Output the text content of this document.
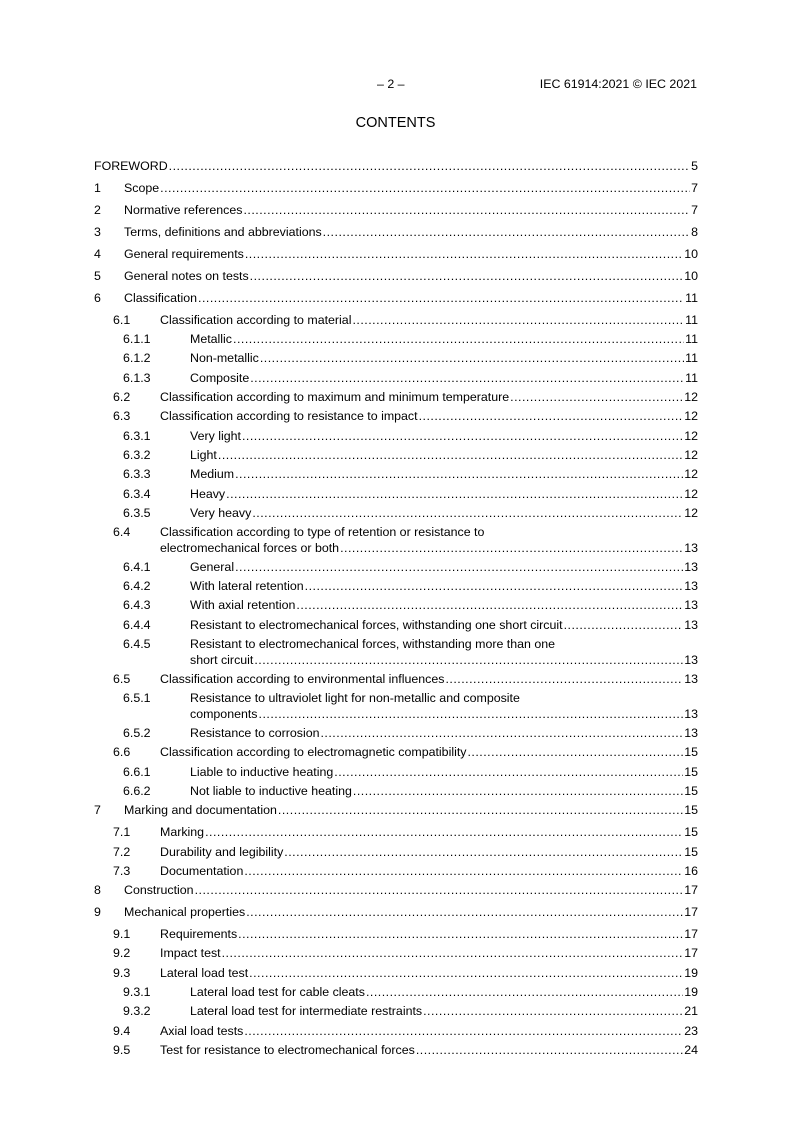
– 2 –	IEC 61914:2021 © IEC 2021
CONTENTS
FOREWORD .....	5
1 Scope .....	7
2 Normative references .....	7
3 Terms, definitions and abbreviations .....	8
4 General requirements .....	10
5 General notes on tests .....	10
6 Classification .....	11
6.1 Classification according to material .....	11
6.1.1	Metallic .....	11
6.1.2	Non-metallic .....	11
6.1.3	Composite .....	11
6.2 Classification according to maximum and minimum temperature .....	12
6.3 Classification according to resistance to impact .....	12
6.3.1	Very light .....	12
6.3.2	Light .....	12
6.3.3	Medium .....	12
6.3.4	Heavy .....	12
6.3.5	Very heavy .....	12
6.4 Classification according to type of retention or resistance to
electromechanical forces or both .....	13
6.4.1	General .....	13
6.4.2	With lateral retention .....	13
6.4.3	With axial retention .....	13
6.4.4	Resistant to electromechanical forces, withstanding one short circuit .....	13
6.4.5	Resistant to electromechanical forces, withstanding more than one
short circuit .....	13
6.5 Classification according to environmental influences .....	13
6.5.1	Resistance to ultraviolet light for non-metallic and composite
components .....	13
6.5.2	Resistance to corrosion .....	13
6.6 Classification according to electromagnetic compatibility .....	15
6.6.1	Liable to inductive heating .....	15
6.6.2	Not liable to inductive heating .....	15
7 Marking and documentation .....	15
7.1 Marking .....	15
7.2 Durability and legibility .....	15
7.3 Documentation .....	16
8 Construction .....	17
9 Mechanical properties .....	17
9.1 Requirements .....	17
9.2 Impact test .....	17
9.3 Lateral load test .....	19
9.3.1	Lateral load test for cable cleats .....	19
9.3.2	Lateral load test for intermediate restraints .....	21
9.4 Axial load tests .....	23
9.5 Test for resistance to electromechanical forces .....	24
